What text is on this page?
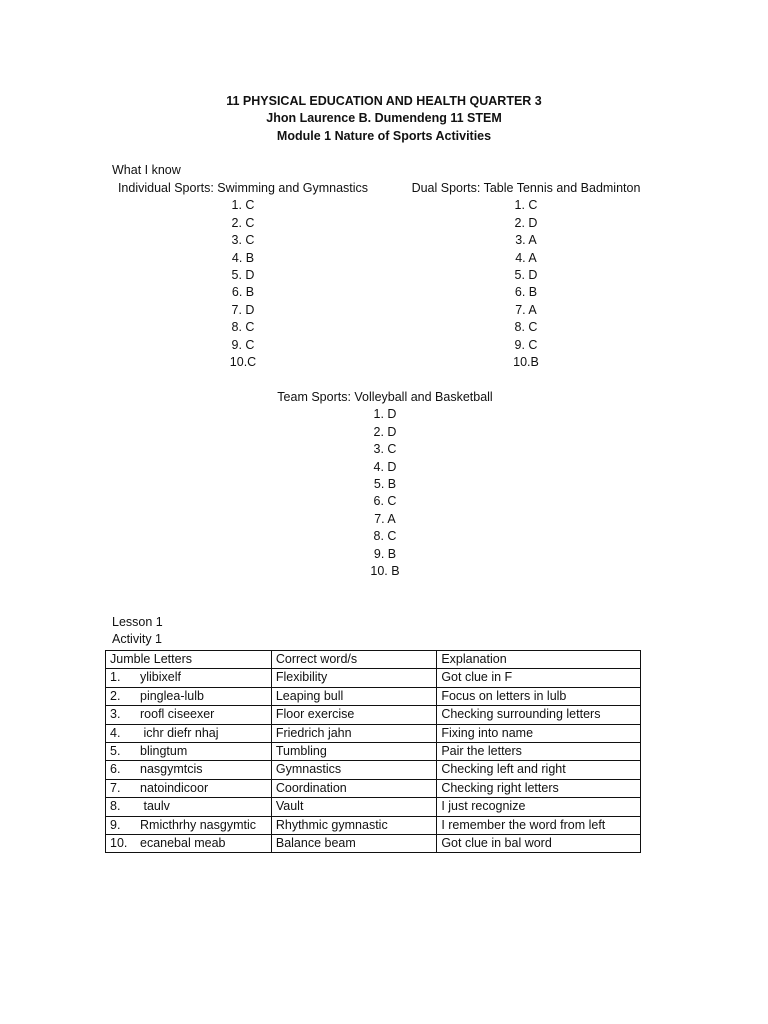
11 PHYSICAL EDUCATION AND HEALTH QUARTER 3
Jhon Laurence B. Dumendeng 11 STEM
Module 1 Nature of Sports Activities
What I know
Individual Sports: Swimming and Gymnastics
1. C
2. C
3. C
4. B
5. D
6. B
7. D
8. C
9. C
10.C
Dual Sports: Table Tennis and Badminton
1. C
2. D
3. A
4. A
5. D
6. B
7. A
8. C
9. C
10.B
Team Sports: Volleyball and Basketball
1. D
2. D
3. C
4. D
5. B
6. C
7. A
8. C
9. B
10. B
Lesson 1
Activity 1
Jumble Letters	Correct word/s	Explanation
1. ylibixelf	Flexibility	Got clue in F
2. pinglea-lulb	Leaping bull	Focus on letters in lulb
3. roofl ciseexer	Floor exercise	Checking surrounding letters
4. ichr diefr nhaj	Friedrich jahn	Fixing into name
5. blingtum	Tumbling	Pair the letters
6. nasgymtcis	Gymnastics	Checking left and right
7. natoindicoor	Coordination	Checking right letters
8. taulv	Vault	I just recognize
9. Rmicthrhy nasgymtic	Rhythmic gymnastic	I remember the word from left
10. ecanebal meab	Balance beam	Got clue in bal word
